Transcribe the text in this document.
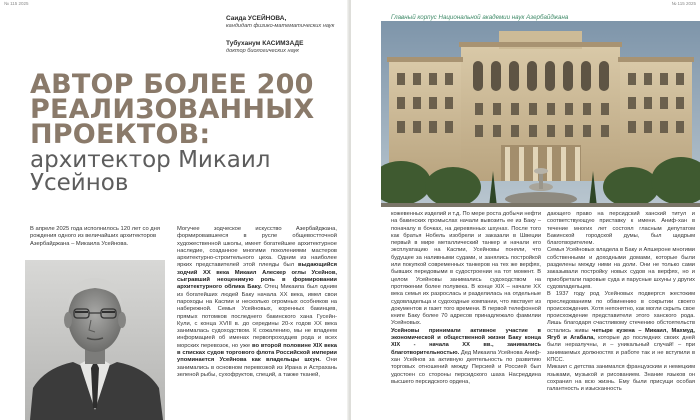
№ 115 2025
Саида УСЕЙНОВА,
кандидат физико-математических наук
Тубуханум КАСИМЗАДЕ
доктор биологических наук
АВТОР БОЛЕЕ 200 РЕАЛИЗОВАННЫХ ПРОЕКТОВ:
архитектор Микаил Усейнов
В апреле 2025 года исполнилось 120 лет со дня рождения одного из величайших архитекторов Азербайджана – Микаила Усейнова.

Могучее зодческое искусство Азербайджана, формировавшееся в русле общевостточной художественной школы, имеет богатейшее архитектурное наследие, созданное многими поколениями мастеров архитектурно-строительного цеха. Одним из наиболее ярких представителей этой плеяды был выдающийся зодчий ХХ века Микаил Алескер оглы Усейнов, сыгравший неоценимую роль в формировании архитектурного облика Баку. Отец Микаила был одним из богатейших людей Баку начала ХХ века, имел свои пароходы на Каспии и несколько огромных особняков на набережной. Семья Усейновых, коренных бакинцев, прямых потомков последнего бакинского хана Гусейн-Кули, с конца XVIII в. до середины 20-х годов ХХ века занималась судоходством. К сожалению, мы не владеем информацией об именах первопроходцев рода и всех морских перевозок, но уже во второй половине XIX века в списках судов торгового флота Российской империи упоминается Усейнова как владельцы шхун. Они занимались в основном перевозкой из Ирана и Астрахань зеленой рыбы, сухофруктов, специй, а также тканей,

№ 115 2025
Главный корпус Национальной академии наук Азербайджана

кожевенных изделий и т.д. По мере роста добычи нефти на бакинских промыслах начали вывозить ее из Баку – поначалу в бочках, на деревянных шхунах. После того как братья Нобель изобрели и заказали в Швеции первый в мире металлический танкер и начали его эксплуатацию на Каспии, Усейновы поняли, что будущее за наливными судами, и занялись постройкой или покупкой современных танкеров на тех же верфях, бывших передовыми в судостроении на тот момент. В целом Усейновы занимались судоходством на протяжении более полувека. В конце XIX – начале ХХ века семья их разрослась и разделилась на отдельные судовладельца и судоходные компании, что явствует из документов и газет того времени. В первой телефонной книге Баку более 70 адресов принадлежало фамилии Усейновых.

Усейновы принимали активное участие в экономической и общественной жизни Баку конца XIX - начала ХХ вв., занимались благотворительностью. Дед Микаила Усейнова Аниф-хан Усейнов за активную деятельность по развитию торговых отношений между Персией и Россией был удостоен со стороны персидского шаха Насреддина высшего персидского ордена,

дающего право на персидский ханский титул и соответствующую приставку к имени. Аниф-хан в течение многих лет состоял гласным депутатом Бакинской городской думы, был щедрым благотворителем.

Семья Усейновых владела в Баку и Апшероне многими собственными и доходными домами, которые были разделены между ними на доли. Они не только сами заказывали постройку новых судов на верфях, но и приобретали паровые суда и парусные шхуны у других судовладельцев.

В 1937 году род Усейновых подвергся жестоким преследованиям по обвинению в сокрытии своего происхождения. Хотя непонятно, как могли скрыть свое происхождение представители этого ханского рода. Лишь благодаря счастливому стечению обстоятельств остались живы четыре кузена – Микаил, Махмуд, Ягуб и Агабала, которые до последних своих дней были неразлучны, и – уникальный случай! – при занимаемых должностях и работе так и не вступили в КПСС.

Микаил с детства занимался французским и немецким языками, музыкой и рисованием. Знание языков он сохранил на всю жизнь. Ему были присущи особая галантность и изысканность
